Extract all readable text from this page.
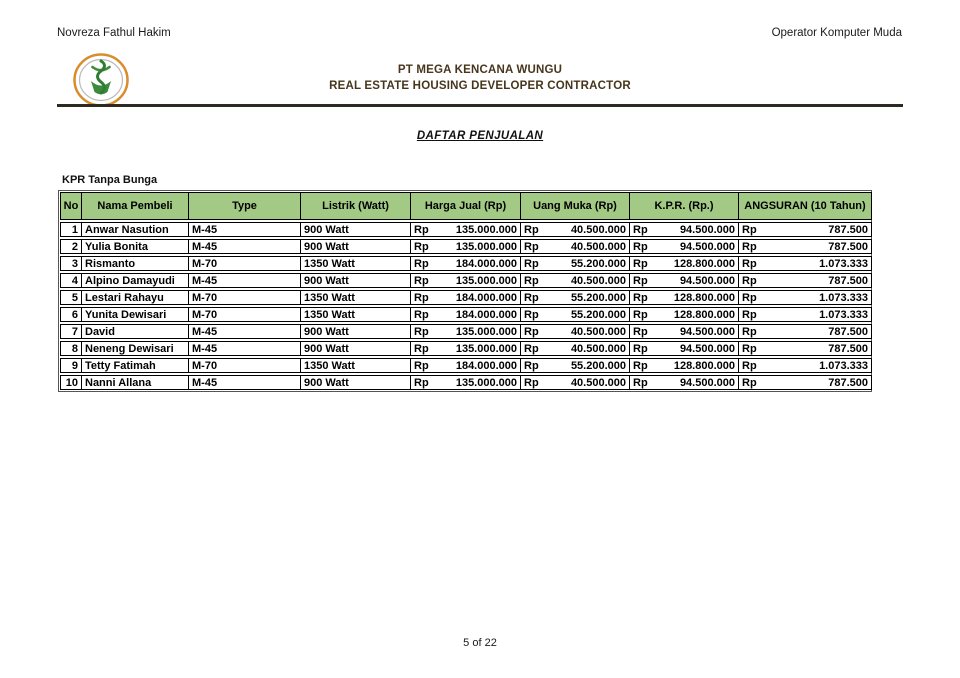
Novreza Fathul Hakim	Operator Komputer Muda
PT MEGA KENCANA WUNGU
REAL ESTATE HOUSING DEVELOPER CONTRACTOR
DAFTAR PENJUALAN
KPR Tanpa Bunga
No	Nama Pembeli	Type	Listrik (Watt)	Harga Jual (Rp)	Uang Muka (Rp)	K.P.R. (Rp.)	ANGSURAN (10 Tahun)
1	Anwar Nasution	M-45	900 Watt	Rp 135.000.000	Rp 40.500.000	Rp 94.500.000	Rp 787.500

2	Yulia Bonita	M-45	900 Watt	Rp 135.000.000	Rp 40.500.000	Rp 94.500.000	Rp 787.500

3	Rismanto	M-70	1350 Watt	Rp 184.000.000	Rp 55.200.000	Rp 128.800.000	Rp 1.073.333

4	Alpino Damayudi	M-45	900 Watt	Rp 135.000.000	Rp 40.500.000	Rp 94.500.000	Rp 787.500

5	Lestari Rahayu	M-70	1350 Watt	Rp 184.000.000	Rp 55.200.000	Rp 128.800.000	Rp 1.073.333

6	Yunita Dewisari	M-70	1350 Watt	Rp 184.000.000	Rp 55.200.000	Rp 128.800.000	Rp 1.073.333

7	David	M-45	900 Watt	Rp 135.000.000	Rp 40.500.000	Rp 94.500.000	Rp 787.500

8	Neneng Dewisari	M-45	900 Watt	Rp 135.000.000	Rp 40.500.000	Rp 94.500.000	Rp 787.500

9	Tetty Fatimah	M-70	1350 Watt	Rp 184.000.000	Rp 55.200.000	Rp 128.800.000	Rp 1.073.333

10	Nanni Allana	M-45	900 Watt	Rp 135.000.000	Rp 40.500.000	Rp 94.500.000	Rp 787.500
5 of 22
